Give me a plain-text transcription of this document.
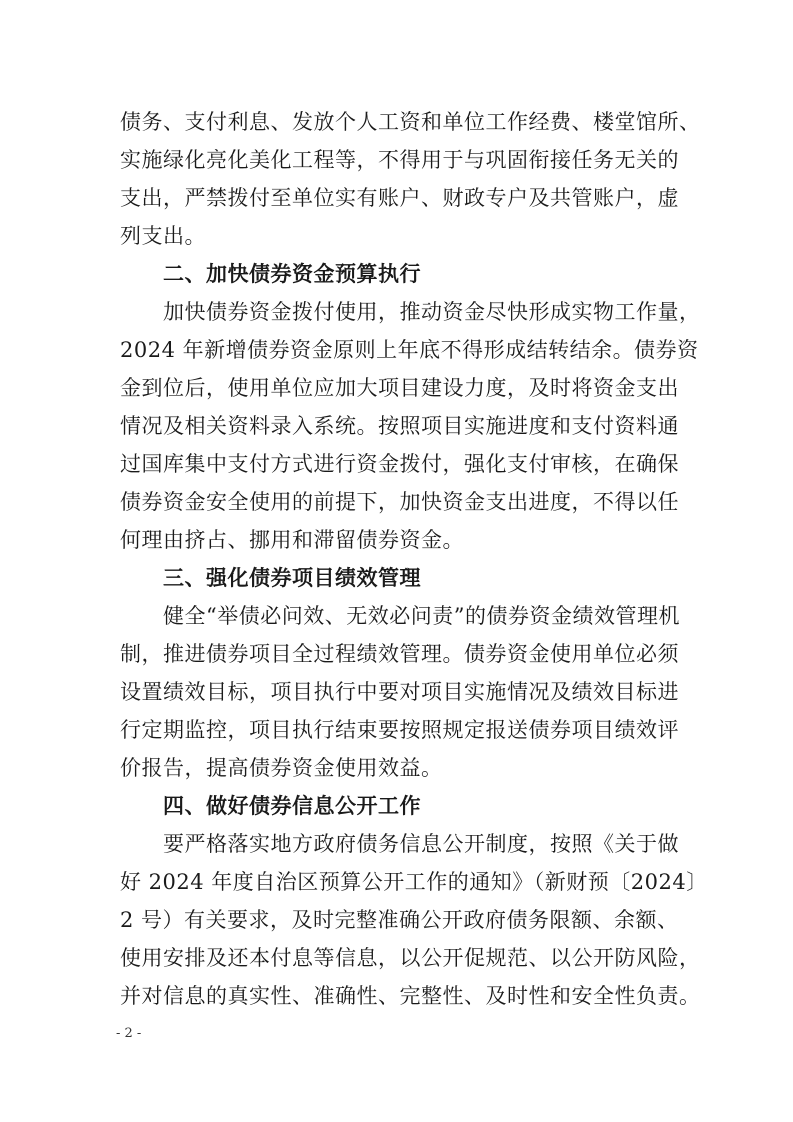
债务、支付利息、发放个人工资和单位工作经费、楼堂馆所、
实施绿化亮化美化工程等，不得用于与巩固衔接任务无关的
支出，严禁拨付至单位实有账户、财政专户及共管账户，虚
列支出。
二、加快债券资金预算执行
加快债券资金拨付使用，推动资金尽快形成实物工作量，
2024 年新增债券资金原则上年底不得形成结转结余。债券资
金到位后，使用单位应加大项目建设力度，及时将资金支出
情况及相关资料录入系统。按照项目实施进度和支付资料通
过国库集中支付方式进行资金拨付，强化支付审核，在确保
债券资金安全使用的前提下，加快资金支出进度，不得以任
何理由挤占、挪用和滞留债券资金。
三、强化债券项目绩效管理
健全“举债必问效、无效必问责”的债券资金绩效管理机
制，推进债券项目全过程绩效管理。债券资金使用单位必须
设置绩效目标，项目执行中要对项目实施情况及绩效目标进
行定期监控，项目执行结束要按照规定报送债券项目绩效评
价报告，提高债券资金使用效益。
四、做好债券信息公开工作
要严格落实地方政府债务信息公开制度，按照《关于做
好 2024 年度自治区预算公开工作的通知》（新财预〔2024〕
2 号）有关要求，及时完整准确公开政府债务限额、余额、
使用安排及还本付息等信息，以公开促规范、以公开防风险，
并对信息的真实性、准确性、完整性、及时性和安全性负责。
- 2 -
